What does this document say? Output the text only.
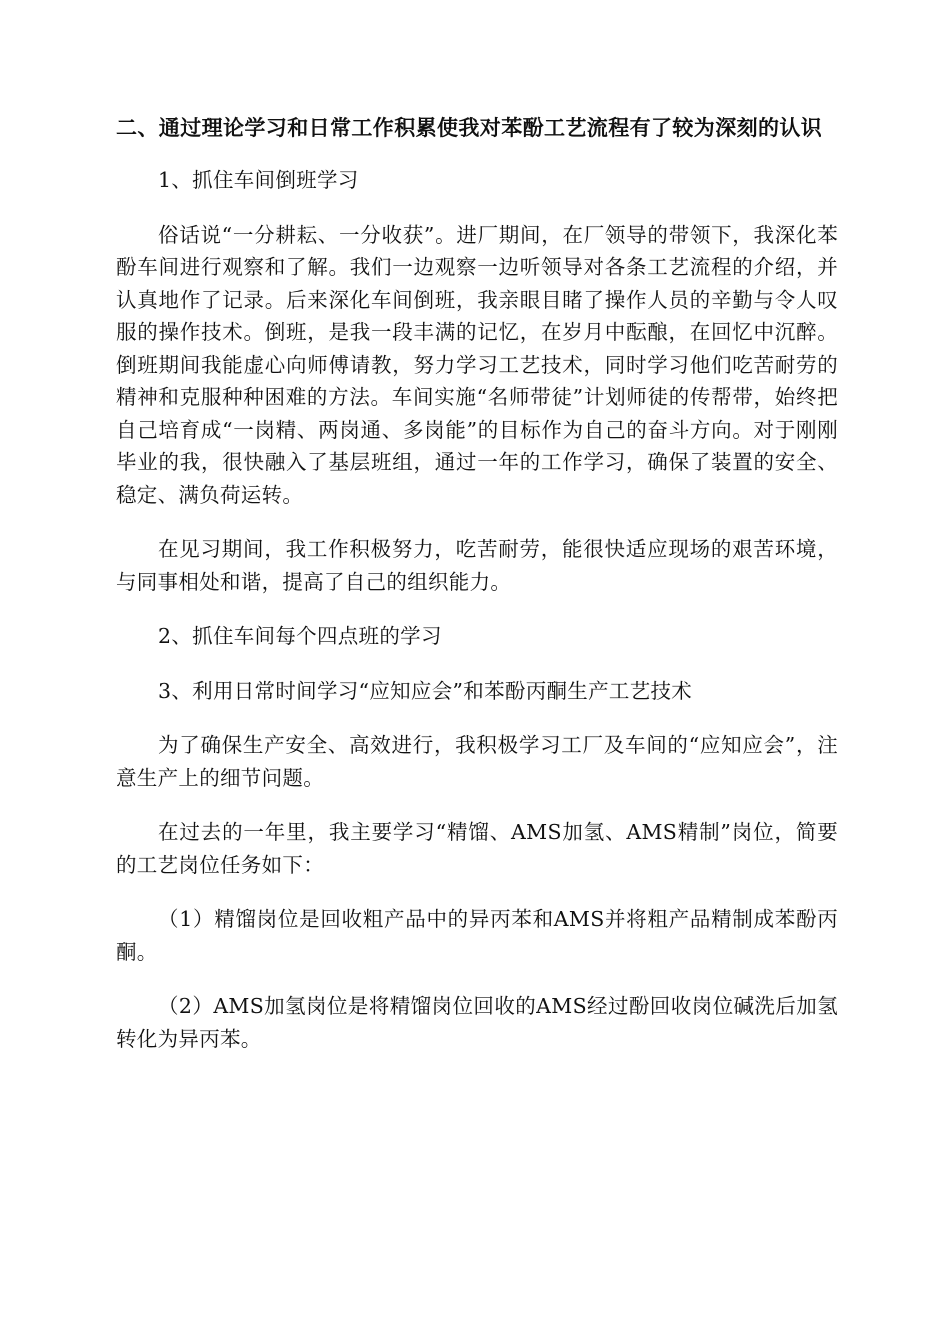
二、通过理论学习和日常工作积累使我对苯酚工艺流程有了较为深刻的认识

1、抓住车间倒班学习

俗话说“一分耕耘、一分收获”。进厂期间，在厂领导的带领下，我深化苯酚车间进行观察和了解。我们一边观察一边听领导对各条工艺流程的介绍，并认真地作了记录。后来深化车间倒班，我亲眼目睹了操作人员的辛勤与令人叹服的操作技术。倒班，是我一段丰满的记忆，在岁月中酝酿，在回忆中沉醉。倒班期间我能虚心向师傅请教，努力学习工艺技术，同时学习他们吃苦耐劳的精神和克服种种困难的方法。车间实施“名师带徒”计划师徒的传帮带，始终把自己培育成“一岗精、两岗通、多岗能”的目标作为自己的奋斗方向。对于刚刚毕业的我，很快融入了基层班组，通过一年的工作学习，确保了装置的安全、稳定、满负荷运转。

在见习期间，我工作积极努力，吃苦耐劳，能很快适应现场的艰苦环境，与同事相处和谐，提高了自己的组织能力。

2、抓住车间每个四点班的学习

3、利用日常时间学习“应知应会”和苯酚丙酮生产工艺技术

为了确保生产安全、高效进行，我积极学习工厂及车间的“应知应会”，注意生产上的细节问题。

在过去的一年里，我主要学习“精馏、AMS加氢、AMS精制”岗位，简要的工艺岗位任务如下：

（1）精馏岗位是回收粗产品中的异丙苯和AMS并将粗产品精制成苯酚丙酮。

（2）AMS加氢岗位是将精馏岗位回收的AMS经过酚回收岗位碱洗后加氢转化为异丙苯。
